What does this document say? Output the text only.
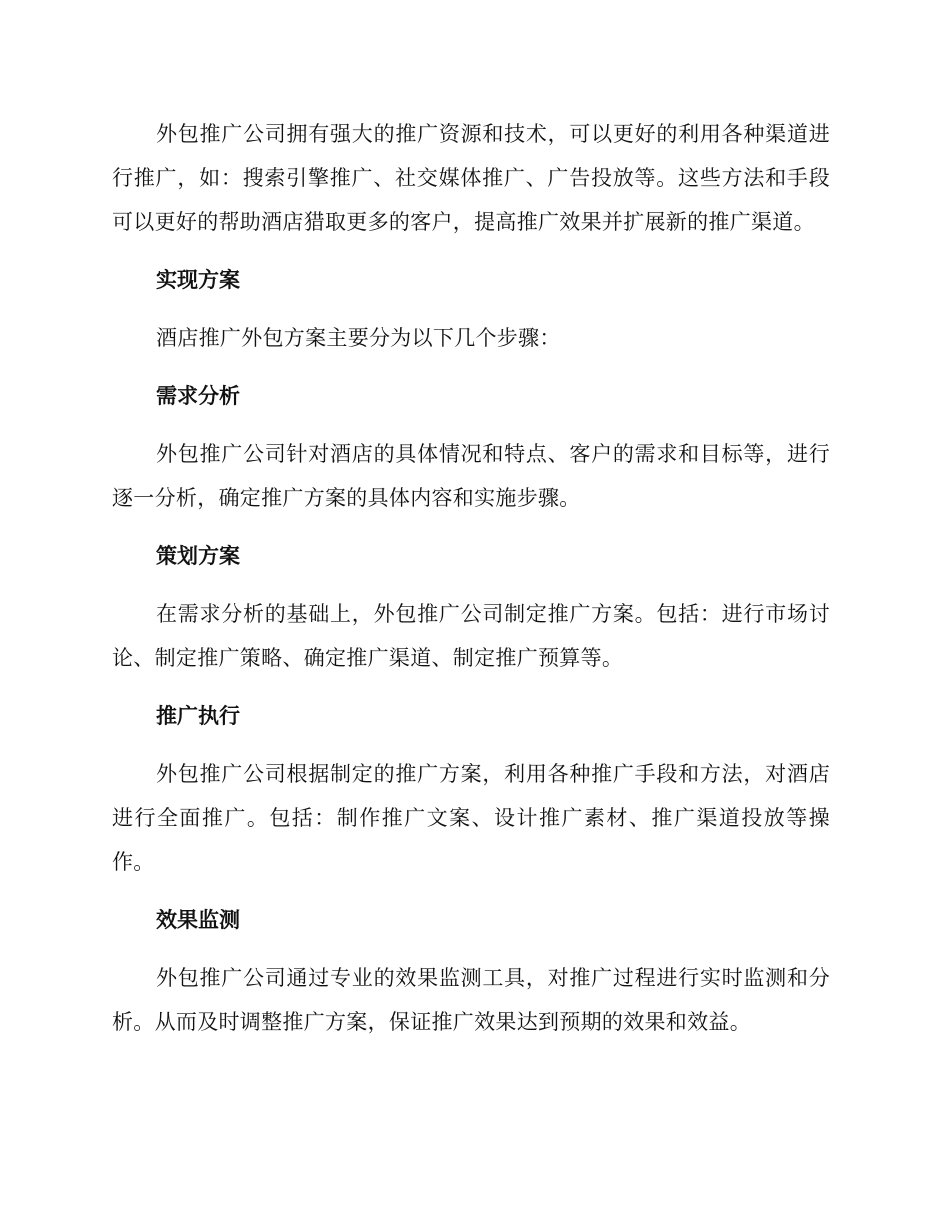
外包推广公司拥有强大的推广资源和技术，可以更好的利用各种渠道进行推广，如：搜索引擎推广、社交媒体推广、广告投放等。这些方法和手段可以更好的帮助酒店猎取更多的客户，提高推广效果并扩展新的推广渠道。

实现方案

酒店推广外包方案主要分为以下几个步骤：

需求分析

外包推广公司针对酒店的具体情况和特点、客户的需求和目标等，进行逐一分析，确定推广方案的具体内容和实施步骤。

策划方案

在需求分析的基础上，外包推广公司制定推广方案。包括：进行市场讨论、制定推广策略、确定推广渠道、制定推广预算等。

推广执行

外包推广公司根据制定的推广方案，利用各种推广手段和方法，对酒店进行全面推广。包括：制作推广文案、设计推广素材、推广渠道投放等操作。

效果监测

外包推广公司通过专业的效果监测工具，对推广过程进行实时监测和分析。从而及时调整推广方案，保证推广效果达到预期的效果和效益。
